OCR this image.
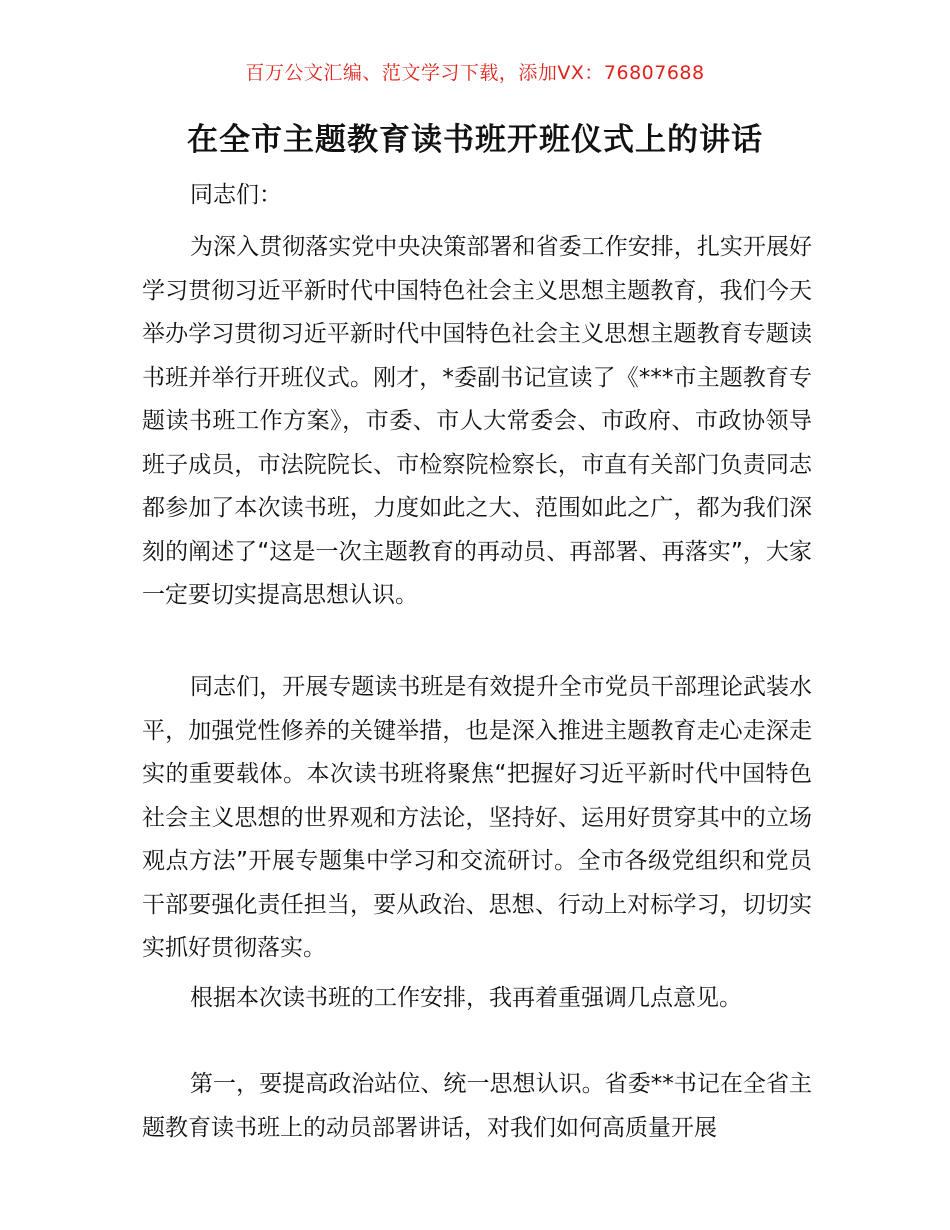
百万公文汇编、范文学习下载，添加VX：76807688
在全市主题教育读书班开班仪式上的讲话
同志们：

为深入贯彻落实党中央决策部署和省委工作安排，扎实开展好学习贯彻习近平新时代中国特色社会主义思想主题教育，我们今天举办学习贯彻习近平新时代中国特色社会主义思想主题教育专题读书班并举行开班仪式。刚才，*委副书记宣读了《***市主题教育专题读书班工作方案》，市委、市人大常委会、市政府、市政协领导班子成员，市法院院长、市检察院检察长，市直有关部门负责同志都参加了本次读书班，力度如此之大、范围如此之广，都为我们深刻的阐述了“这是一次主题教育的再动员、再部署、再落实”，大家一定要切实提高思想认识。

同志们，开展专题读书班是有效提升全市党员干部理论武装水平，加强党性修养的关键举措，也是深入推进主题教育走心走深走实的重要载体。本次读书班将聚焦“把握好习近平新时代中国特色社会主义思想的世界观和方法论，坚持好、运用好贯穿其中的立场观点方法”开展专题集中学习和交流研讨。全市各级党组织和党员干部要强化责任担当，要从政治、思想、行动上对标学习，切切实实抓好贯彻落实。

根据本次读书班的工作安排，我再着重强调几点意见。

第一，要提高政治站位、统一思想认识。省委**书记在全省主题教育读书班上的动员部署讲话，对我们如何高质量开展
